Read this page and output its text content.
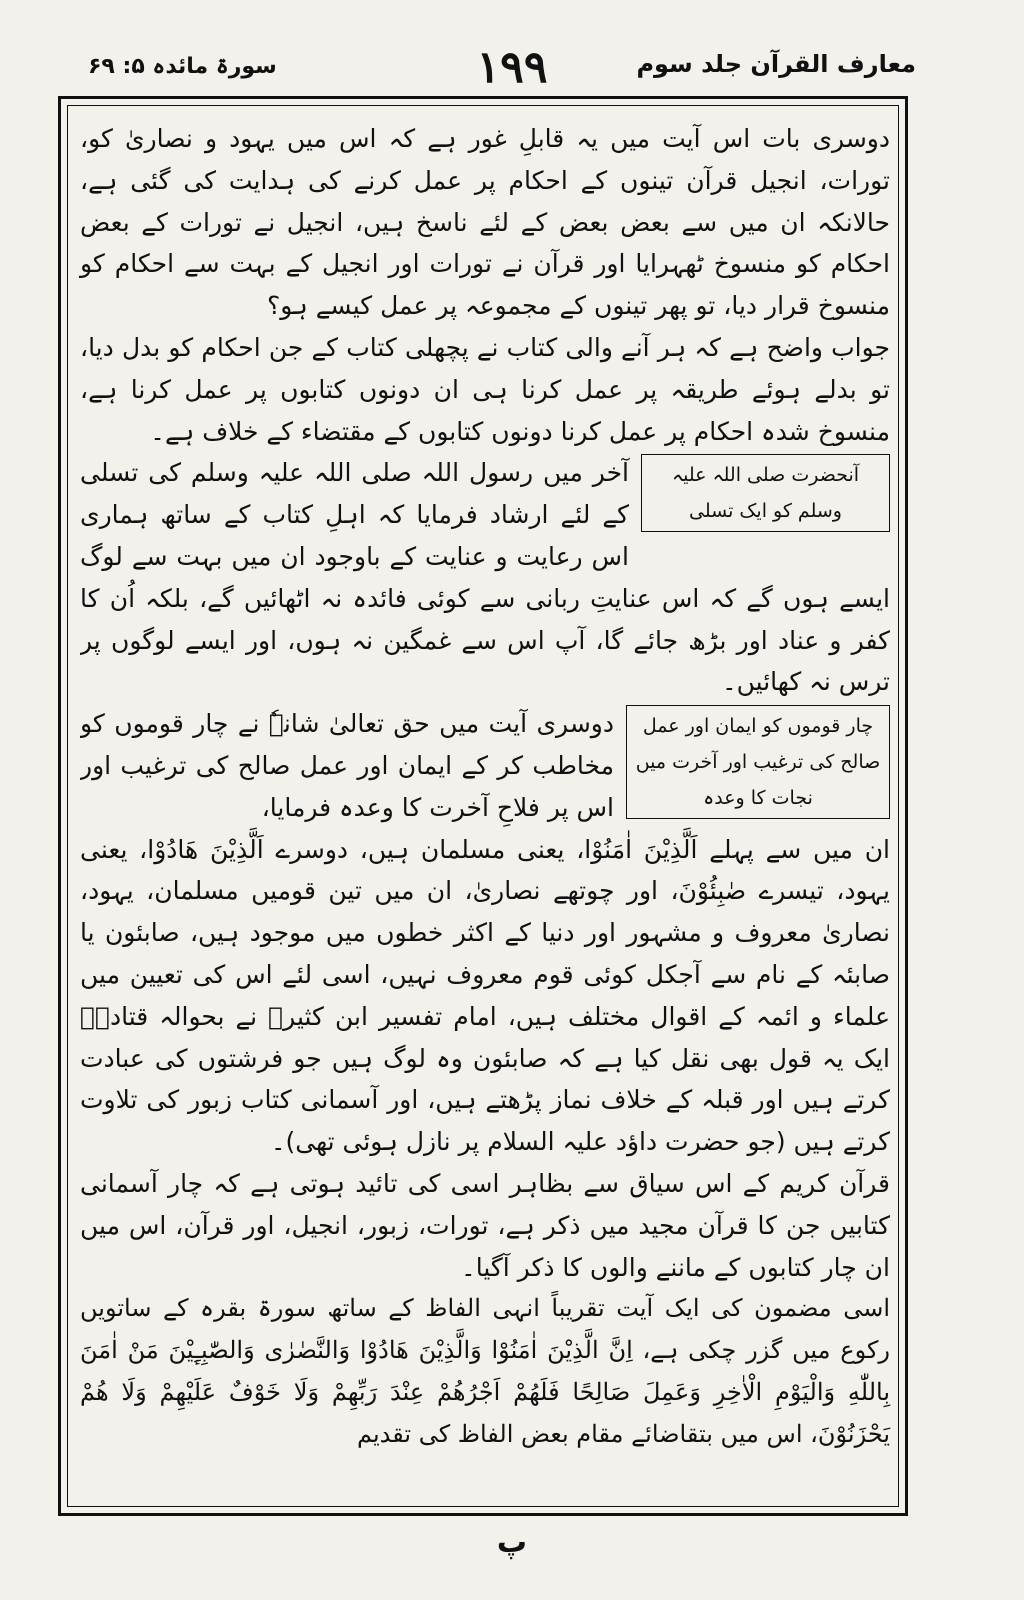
سورۃ مائدہ ۵: ۶۹	۱۹۹	معارف القرآن جلد سوم

دوسری بات اس آیت میں یہ قابلِ غور ہے کہ اس میں یہود و نصاریٰ کو، تورات، انجیل قرآن تینوں کے احکام پر عمل کرنے کی ہدایت کی گئی ہے، حالانکہ ان میں سے بعض بعض کے لئے ناسخ ہیں، انجیل نے تورات کے بعض احکام کو منسوخ ٹھہرایا اور قرآن نے تورات اور انجیل کے بہت سے احکام کو منسوخ قرار دیا، تو پھر تینوں کے مجموعہ پر عمل کیسے ہو؟

جواب واضح ہے کہ ہر آنے والی کتاب نے پچھلی کتاب کے جن احکام کو بدل دیا، تو بدلے ہوئے طریقہ پر عمل کرنا ہی ان دونوں کتابوں پر عمل کرنا ہے، منسوخ شدہ احکام پر عمل کرنا دونوں کتابوں کے مقتضاء کے خلاف ہے۔

آنحضرت صلی اللہ علیہ وسلم کو ایک تسلی

آخر میں رسول اللہ صلی اللہ علیہ وسلم کی تسلی کے لئے ارشاد فرمایا کہ اہلِ کتاب کے ساتھ ہماری اس رعایت و عنایت کے باوجود ان میں بہت سے لوگ ایسے ہوں گے کہ اس عنایتِ ربانی سے کوئی فائدہ نہ اٹھائیں گے، بلکہ اُن کا کفر و عناد اور بڑھ جائے گا، آپ اس سے غمگین نہ ہوں، اور ایسے لوگوں پر ترس نہ کھائیں۔

چار قوموں کو ایمان اور عمل صالح کی ترغیب اور آخرت میں نجات کا وعدہ

دوسری آیت میں حق تعالیٰ شانہٗ نے چار قوموں کو مخاطب کر کے ایمان اور عمل صالح کی ترغیب اور اس پر فلاحِ آخرت کا وعدہ فرمایا،

ان میں سے پہلے اَلَّذِیْنَ اٰمَنُوْا، یعنی مسلمان ہیں، دوسرے اَلَّذِیْنَ هَادُوْا، یعنی یہود، تیسرے صٰبِئُوْنَ، اور چوتھے نصاریٰ، ان میں تین قومیں مسلمان، یہود، نصاریٰ معروف و مشہور اور دنیا کے اکثر خطوں میں موجود ہیں، صابئون یا صابئہ کے نام سے آجکل کوئی قوم معروف نہیں، اسی لئے اس کی تعیین میں علماء و ائمہ کے اقوال مختلف ہیں، امام تفسیر ابن کثیرؒ نے بحوالہ قتادۃؒ ایک یہ قول بھی نقل کیا ہے کہ صابئون وہ لوگ ہیں جو فرشتوں کی عبادت کرتے ہیں اور قبلہ کے خلاف نماز پڑھتے ہیں، اور آسمانی کتاب زبور کی تلاوت کرتے ہیں (جو حضرت داؤد علیہ السلام پر نازل ہوئی تھی)۔

قرآن کریم کے اس سیاق سے بظاہر اسی کی تائید ہوتی ہے کہ چار آسمانی کتابیں جن کا قرآن مجید میں ذکر ہے، تورات، زبور، انجیل، اور قرآن، اس میں ان چار کتابوں کے ماننے والوں کا ذکر آگیا۔

اسی مضمون کی ایک آیت تقریباً انہی الفاظ کے ساتھ سورۃ بقرہ کے ساتویں رکوع میں گزر چکی ہے، اِنَّ الَّذِیْنَ اٰمَنُوْا وَالَّذِیْنَ هَادُوْا وَالنَّصٰرٰی وَالصّٰبِـِٕیْنَ مَنْ اٰمَنَ بِاللّٰهِ وَالْیَوْمِ الْاٰخِرِ وَعَمِلَ صَالِحًا فَلَهُمْ اَجْرُهُمْ عِنْدَ رَبِّهِمْ وَلَا خَوْفٌ عَلَیْهِمْ وَلَا هُمْ یَحْزَنُوْنَ، اس میں بتقاضائے مقام بعض الفاظ کی تقدیم

پ
